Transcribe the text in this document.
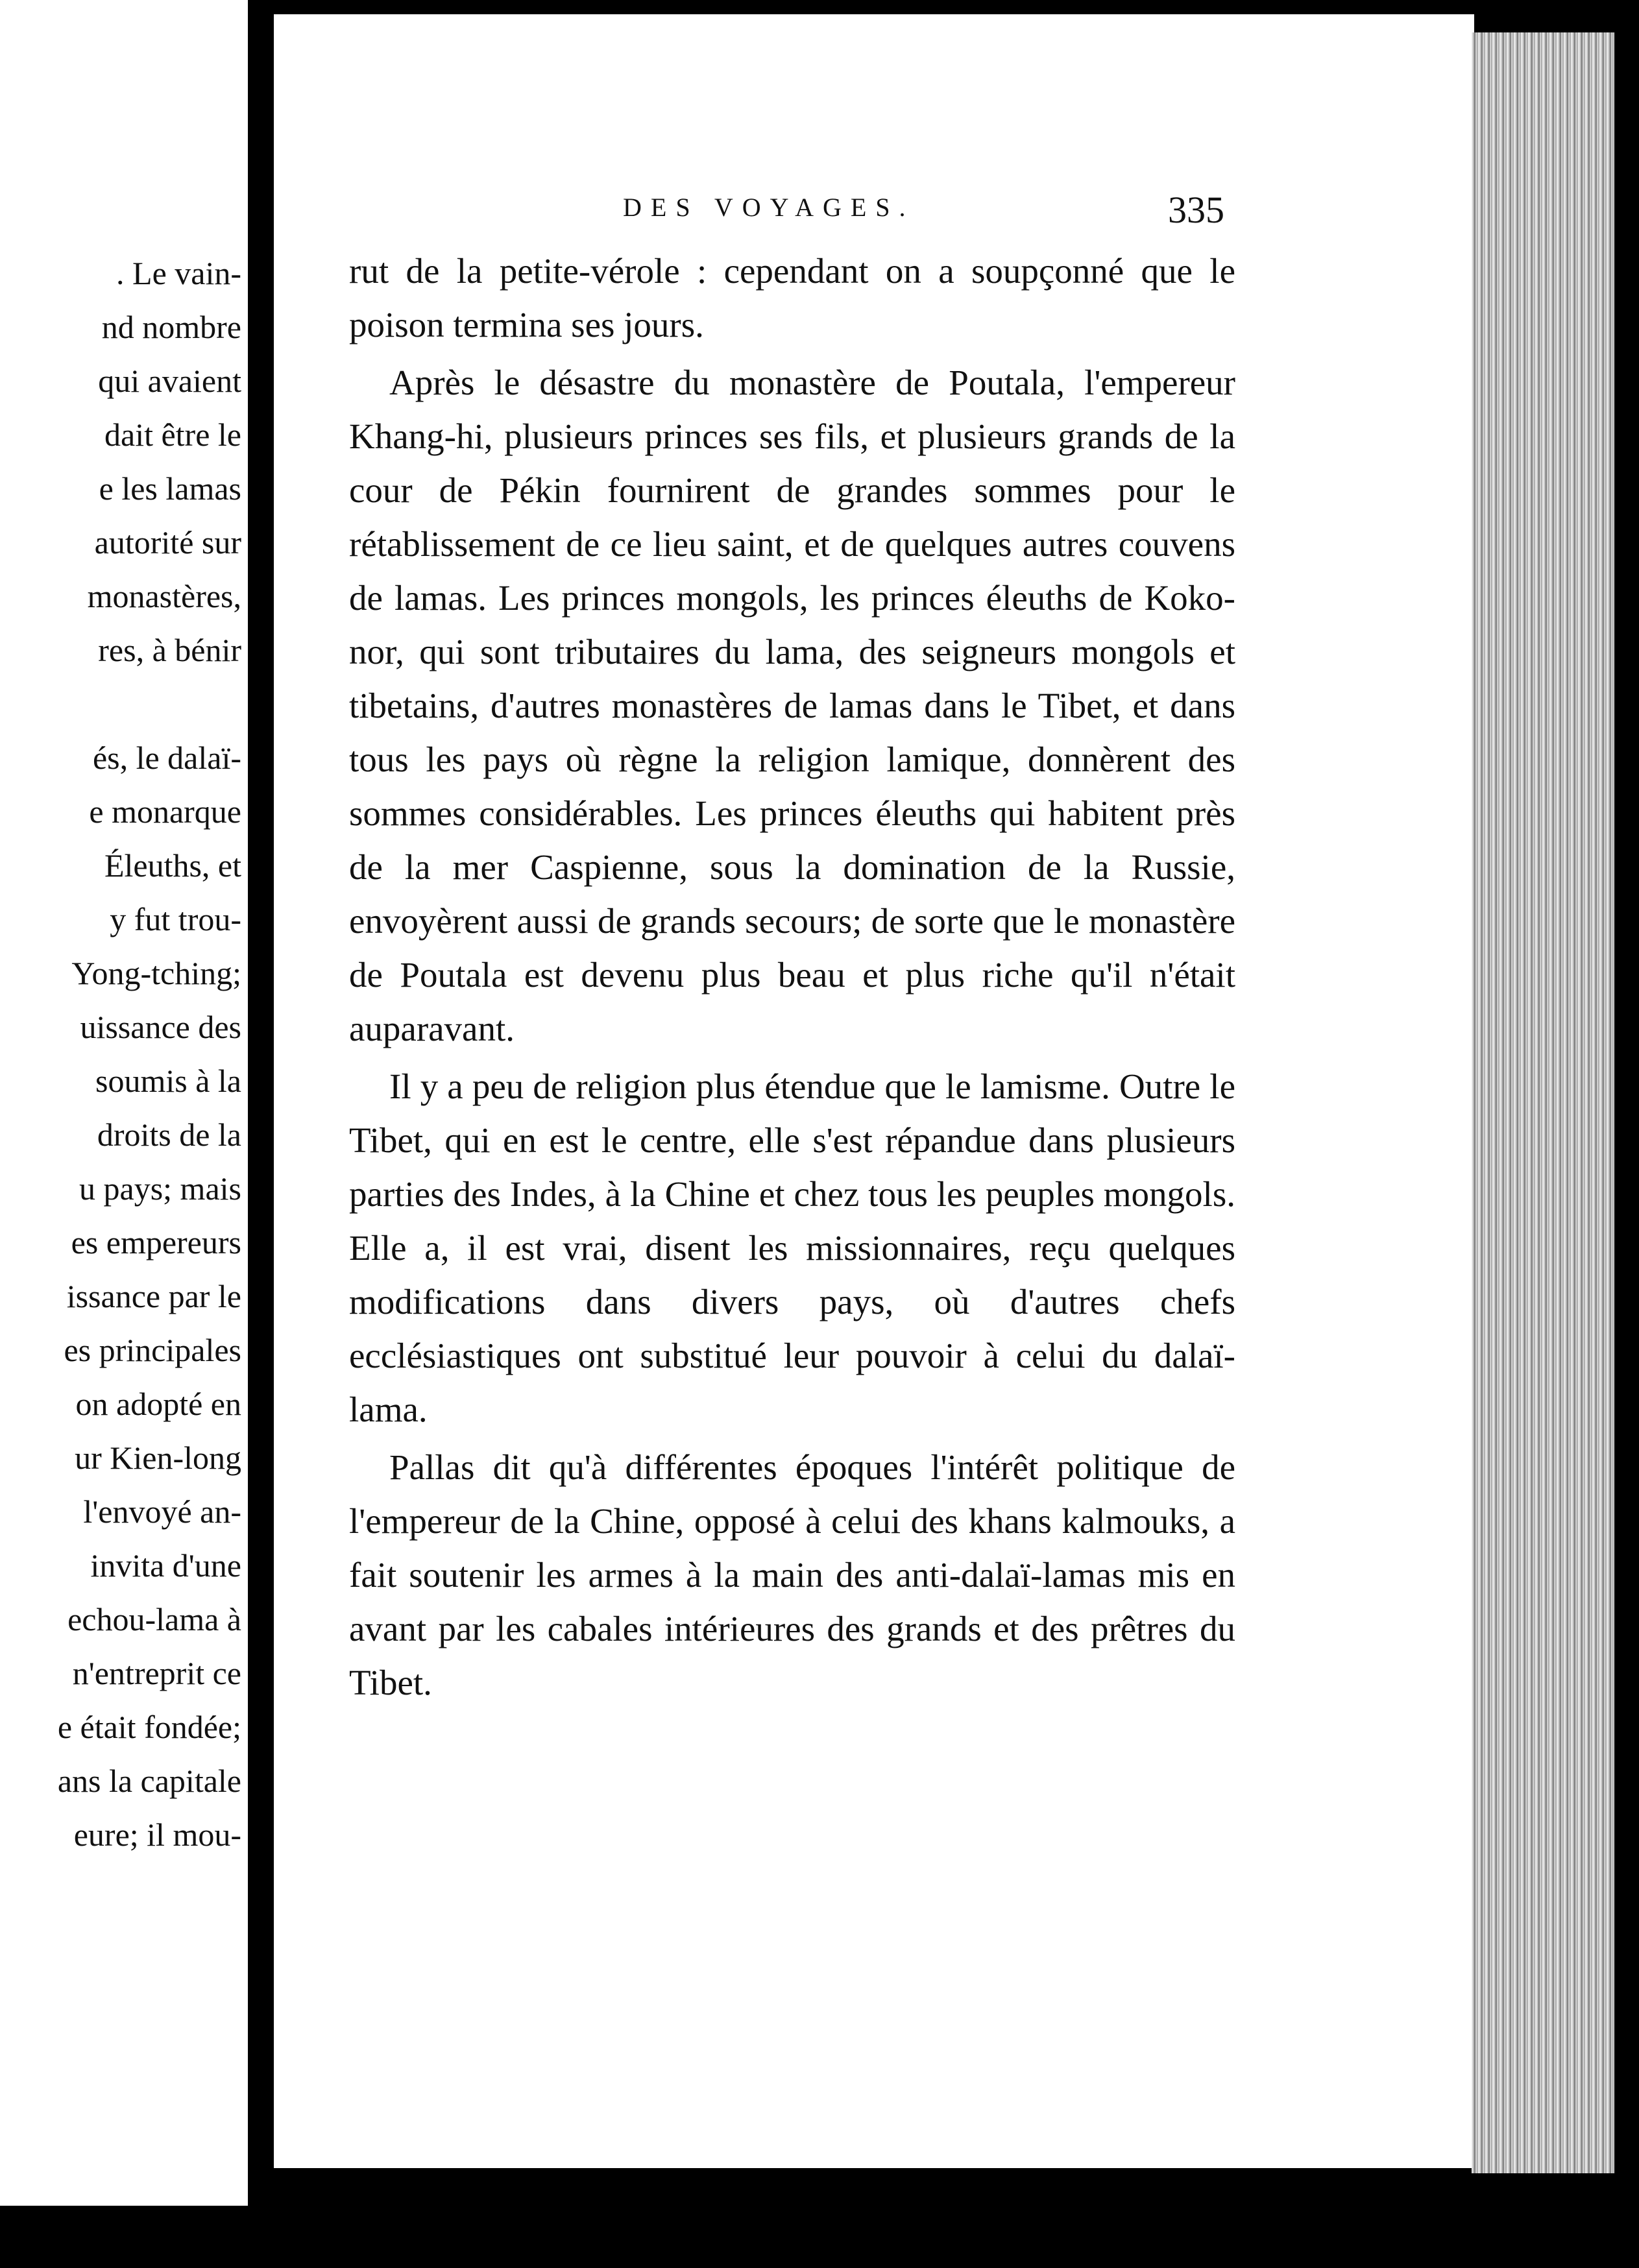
. Le vain-
nd nombre
qui avaient
dait être le
e les lamas
autorité sur
monastères,
res, à bénir

és, le dalaï-
e monarque
Éleuths, et
y fut trou-
Yong-tching;
uissance des
soumis à la
droits de la
u pays; mais
es empereurs
issance par le
es principales
on adopté en
ur Kien-long
l'envoyé an-
invita d'une
echou-lama à
n'entreprit ce
e était fondée;
ans la capitale
eure; il mou-
DES VOYAGES.	335

rut de la petite-vérole : cependant on a soupçonné que le poison termina ses jours.

Après le désastre du monastère de Poutala, l'empereur Khang-hi, plusieurs princes ses fils, et plusieurs grands de la cour de Pékin fournirent de grandes sommes pour le rétablissement de ce lieu saint, et de quelques autres couvens de lamas. Les princes mongols, les princes éleuths de Koko-nor, qui sont tributaires du lama, des seigneurs mongols et tibetains, d'autres monastères de lamas dans le Tibet, et dans tous les pays où règne la religion lamique, donnèrent des sommes considérables. Les princes éleuths qui habitent près de la mer Caspienne, sous la domination de la Russie, envoyèrent aussi de grands secours; de sorte que le monastère de Poutala est devenu plus beau et plus riche qu'il n'était auparavant.

Il y a peu de religion plus étendue que le lamisme. Outre le Tibet, qui en est le centre, elle s'est répandue dans plusieurs parties des Indes, à la Chine et chez tous les peuples mongols. Elle a, il est vrai, disent les missionnaires, reçu quelques modifications dans divers pays, où d'autres chefs ecclésiastiques ont substitué leur pouvoir à celui du dalaï-lama.

Pallas dit qu'à différentes époques l'intérêt politique de l'empereur de la Chine, opposé à celui des khans kalmouks, a fait soutenir les armes à la main des anti-dalaï-lamas mis en avant par les cabales intérieures des grands et des prêtres du Tibet.
